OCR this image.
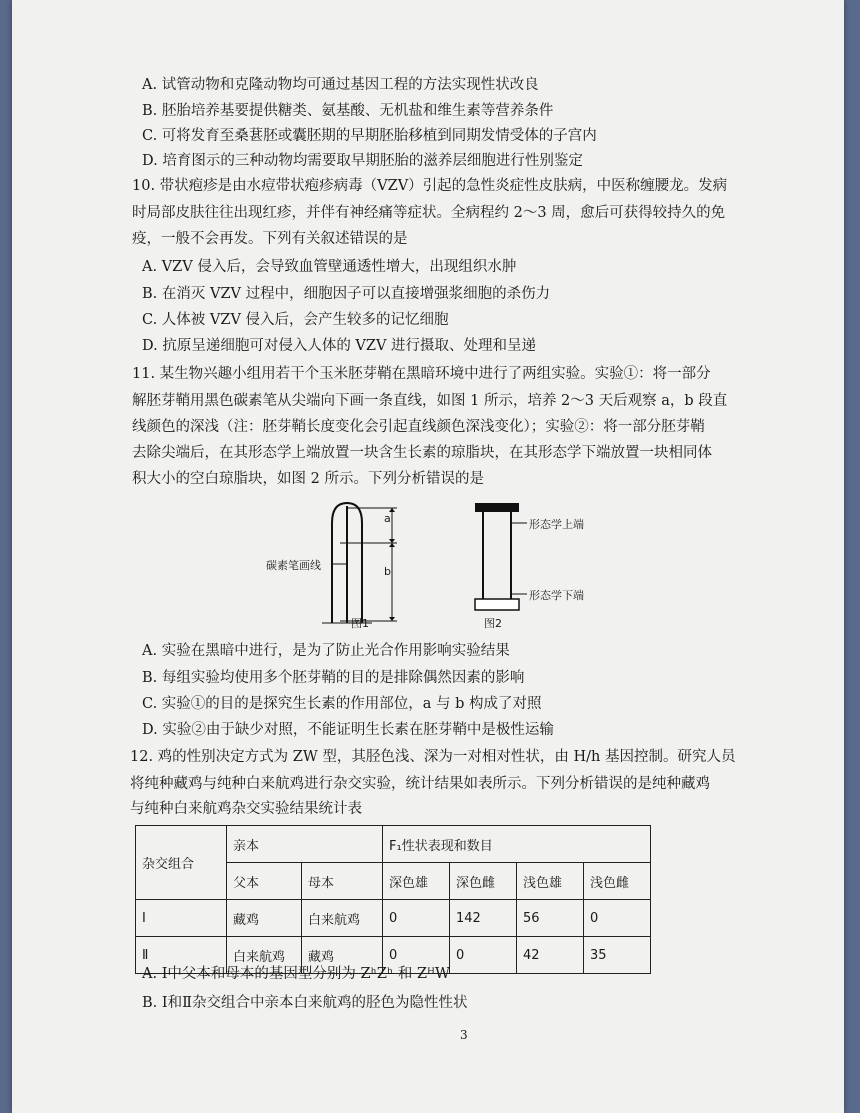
A. 试管动物和克隆动物均可通过基因工程的方法实现性状改良
B. 胚胎培养基要提供糖类、氨基酸、无机盐和维生素等营养条件
C. 可将发育至桑葚胚或囊胚期的早期胚胎移植到同期发情受体的子宫内
D. 培育图示的三种动物均需要取早期胚胎的滋养层细胞进行性别鉴定
10. 带状疱疹是由水痘带状疱疹病毒（VZV）引起的急性炎症性皮肤病，中医称缠腰龙。发病
时局部皮肤往往出现红疹，并伴有神经痛等症状。全病程约 2～3 周，愈后可获得较持久的免
疫，一般不会再发。下列有关叙述错误的是
A. VZV 侵入后，会导致血管壁通透性增大，出现组织水肿
B. 在消灭 VZV 过程中，细胞因子可以直接增强浆细胞的杀伤力
C. 人体被 VZV 侵入后，会产生较多的记忆细胞
D. 抗原呈递细胞可对侵入人体的 VZV 进行摄取、处理和呈递
11. 某生物兴趣小组用若干个玉米胚芽鞘在黑暗环境中进行了两组实验。实验①：将一部分
解胚芽鞘用黑色碳素笔从尖端向下画一条直线，如图 1 所示，培养 2～3 天后观察 a，b 段直
线颜色的深浅（注：胚芽鞘长度变化会引起直线颜色深浅变化）；实验②：将一部分胚芽鞘
去除尖端后，在其形态学上端放置一块含生长素的琼脂块，在其形态学下端放置一块相同体
积大小的空白琼脂块，如图 2 所示。下列分析错误的是
a
b
碳素笔画线
图1	图2
形态学上端
形态学下端
A. 实验在黑暗中进行，是为了防止光合作用影响实验结果
B. 每组实验均使用多个胚芽鞘的目的是排除偶然因素的影响
C. 实验①的目的是探究生长素的作用部位，a 与 b 构成了对照
D. 实验②由于缺少对照，不能证明生长素在胚芽鞘中是极性运输
12. 鸡的性别决定方式为 ZW 型，其胫色浅、深为一对相对性状，由 H/h 基因控制。研究人员
将纯种藏鸡与纯种白来航鸡进行杂交实验，统计结果如表所示。下列分析错误的是纯种藏鸡
与纯种白来航鸡杂交实验结果统计表
杂交组合	亲本		F₁性状表现和数目			
	父本	母本	深色雄	深色雌	浅色雄	浅色雌
Ⅰ	藏鸡	白来航鸡	0	142	56	0
Ⅱ	白来航鸡	藏鸡	0	0	42	35
A. Ⅰ中父本和母本的基因型分别为 ZʰZʰ 和 ZᴴW
B. Ⅰ和Ⅱ杂交组合中亲本白来航鸡的胫色为隐性性状
3
